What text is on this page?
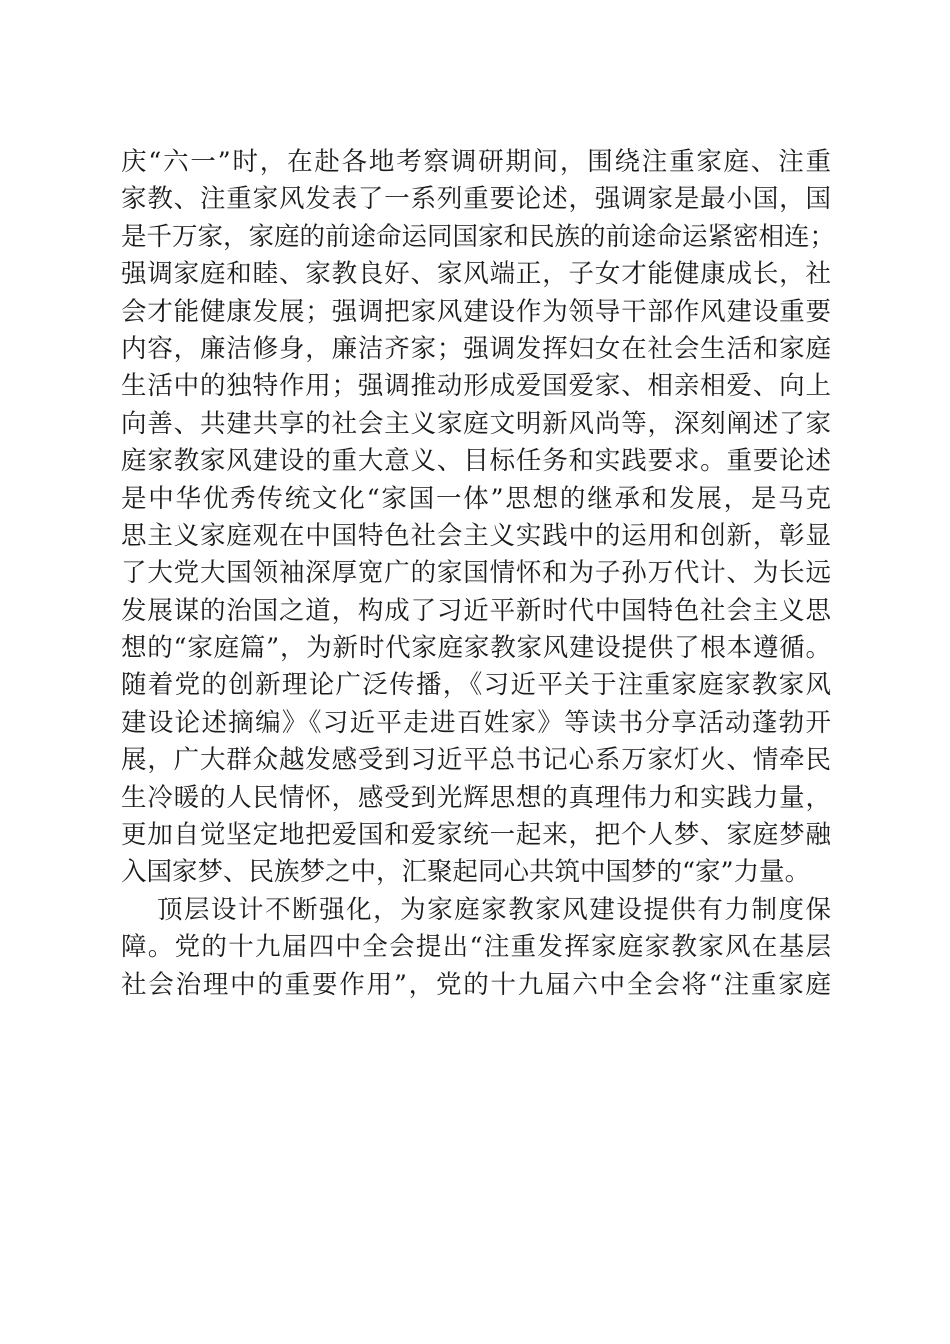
庆“六一”时，在赴各地考察调研期间，围绕注重家庭、注重
家教、注重家风发表了一系列重要论述，强调家是最小国，国
是千万家，家庭的前途命运同国家和民族的前途命运紧密相连；
强调家庭和睦、家教良好、家风端正，子女才能健康成长，社
会才能健康发展；强调把家风建设作为领导干部作风建设重要
内容，廉洁修身，廉洁齐家；强调发挥妇女在社会生活和家庭
生活中的独特作用；强调推动形成爱国爱家、相亲相爱、向上
向善、共建共享的社会主义家庭文明新风尚等，深刻阐述了家
庭家教家风建设的重大意义、目标任务和实践要求。重要论述
是中华优秀传统文化“家国一体”思想的继承和发展，是马克
思主义家庭观在中国特色社会主义实践中的运用和创新，彰显
了大党大国领袖深厚宽广的家国情怀和为子孙万代计、为长远
发展谋的治国之道，构成了习近平新时代中国特色社会主义思
想的“家庭篇”，为新时代家庭家教家风建设提供了根本遵循。
随着党的创新理论广泛传播，《习近平关于注重家庭家教家风
建设论述摘编》《习近平走进百姓家》等读书分享活动蓬勃开
展，广大群众越发感受到习近平总书记心系万家灯火、情牵民
生冷暖的人民情怀，感受到光辉思想的真理伟力和实践力量，
更加自觉坚定地把爱国和爱家统一起来，把个人梦、家庭梦融
入国家梦、民族梦之中，汇聚起同心共筑中国梦的“家”力量。
顶层设计不断强化，为家庭家教家风建设提供有力制度保
障。党的十九届四中全会提出“注重发挥家庭家教家风在基层
社会治理中的重要作用”，党的十九届六中全会将“注重家庭
